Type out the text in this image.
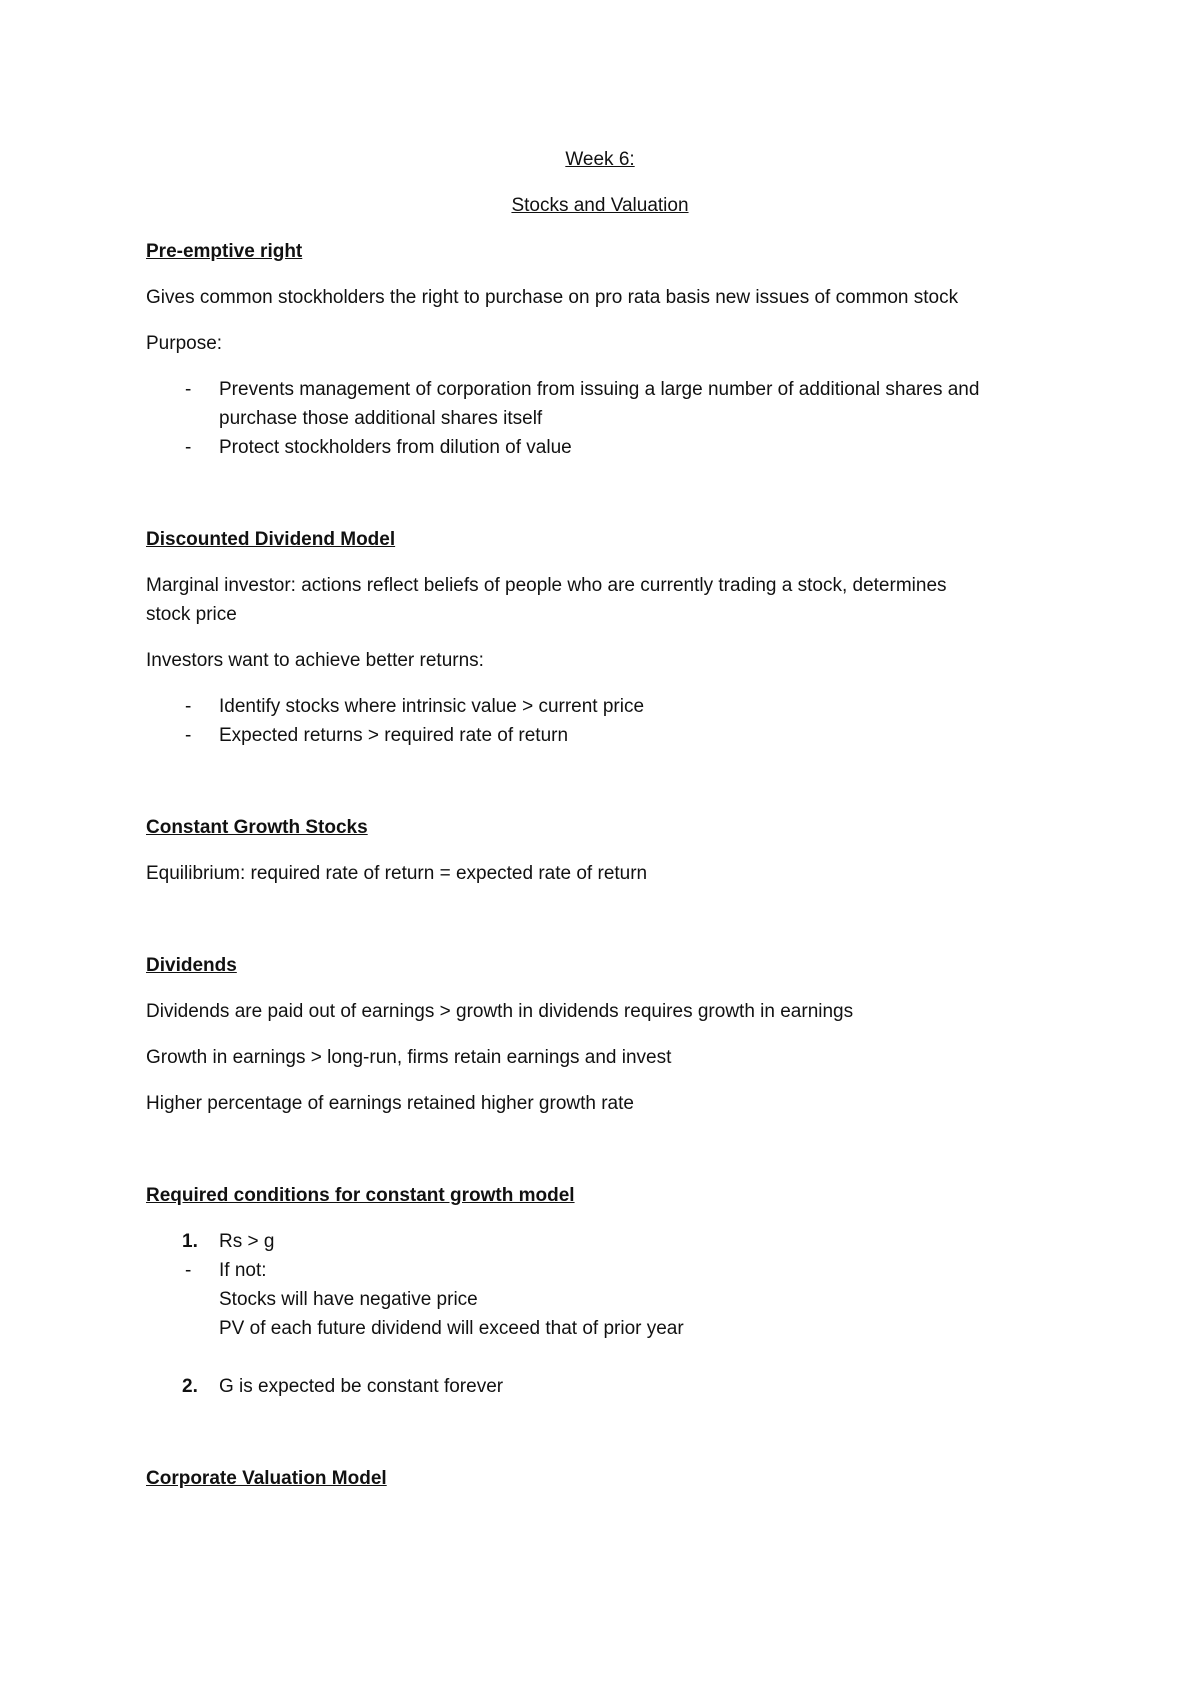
Week 6:
Stocks and Valuation
Pre-emptive right
Gives common stockholders the right to purchase on pro rata basis new issues of common stock
Purpose:
-	Prevents management of corporation from issuing a large number of additional shares and
purchase those additional shares itself
-	Protect stockholders from dilution of value
Discounted Dividend Model
Marginal investor: actions reflect beliefs of people who are currently trading a stock, determines
stock price
Investors want to achieve better returns:
-	Identify stocks where intrinsic value > current price
-	Expected returns > required rate of return
Constant Growth Stocks
Equilibrium: required rate of return = expected rate of return
Dividends
Dividends are paid out of earnings > growth in dividends requires growth in earnings
Growth in earnings > long-run, firms retain earnings and invest
Higher percentage of earnings retained higher growth rate
Required conditions for constant growth model
1.	Rs > g
-	If not:
Stocks will have negative price
PV of each future dividend will exceed that of prior year
2.	G is expected be constant forever
Corporate Valuation Model
